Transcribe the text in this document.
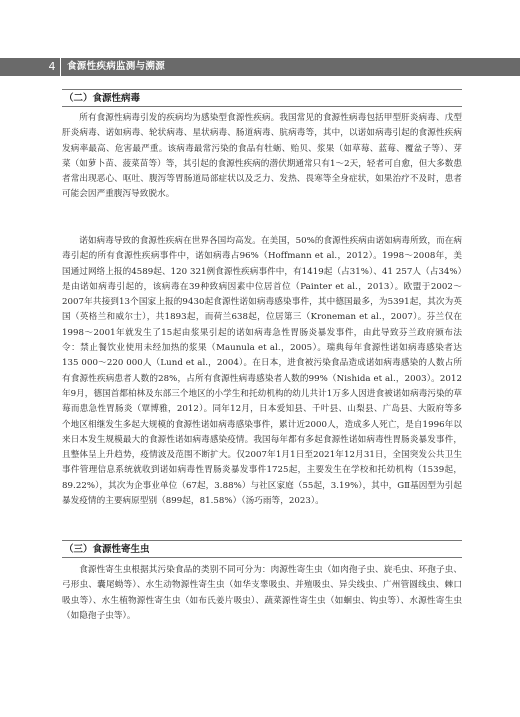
4	食源性疾病监测与溯源
（二）食源性病毒

所有食源性病毒引发的疾病均为感染型食源性疾病。我国常见的食源性病毒包括甲型肝炎病毒、戊型肝炎病毒、诺如病毒、轮状病毒、星状病毒、肠道病毒、肮病毒等，其中，以诺如病毒引起的食源性疾病发病率最高、危害最严重。该病毒最常污染的食品有牡蛎、贻贝、浆果（如草莓、蓝莓、覆盆子等）、芽菜（如萝卜苗、菠菜苗等）等，其引起的食源性疾病的潜伏期通常只有1～2天，轻者可自愈，但大多数患者常出现恶心、呕吐、腹泻等胃肠道局部症状以及乏力、发热、畏寒等全身症状，如果治疗不及时，患者可能会因严重腹泻导致脱水。

诺如病毒导致的食源性疾病在世界各国均高发。在美国，50%的食源性疾病由诺如病毒所致，而在病毒引起的所有食源性疾病事件中，诺如病毒占96%（Hoffmann et al.，2012）。1998～2008年，美国通过网络上报的4589起、120 321例食源性疾病事件中，有1419起（占31%）、41 257人（占34%）是由诺如病毒引起的，该病毒在39种致病因素中位居首位（Painter et al.，2013）。欧盟于2002～2007年共接到13个国家上报的9430起食源性诺如病毒感染事件，其中德国最多，为5391起，其次为英国（英格兰和威尔士），共1893起，而荷兰638起，位居第三（Kroneman et al.，2007）。芬兰仅在1998～2001年就发生了15起由浆果引起的诺如病毒急性胃肠炎暴发事件，由此导致芬兰政府颁布法令：禁止餐饮业使用未经加热的浆果（Maunula et al.，2005）。瑞典每年食源性诺如病毒感染者达135 000～220 000人（Lund et al.，2004）。在日本，进食被污染食品造成诺如病毒感染的人数占所有食源性疾病患者人数的28%，占所有食源性病毒感染者人数的99%（Nishida et al.，2003）。2012年9月，德国首都柏林及东部三个地区的小学生和托幼机构的幼儿共计1万多人因进食被诺如病毒污染的草莓而患急性胃肠炎（覃博雅，2012）。同年12月，日本爱知县、千叶县、山梨县、广岛县、大阪府等多个地区相继发生多起大规模的食源性诺如病毒感染事件，累计近2000人，造成多人死亡，是自1996年以来日本发生规模最大的食源性诺如病毒感染疫情。我国每年都有多起食源性诺如病毒性胃肠炎暴发事件，且整体呈上升趋势，疫情波及范围不断扩大。仅2007年1月1日至2021年12月31日，全国突发公共卫生事件管理信息系统就收到诺如病毒性胃肠炎暴发事件1725起，主要发生在学校和托幼机构（1539起，89.22%），其次为企事业单位（67起，3.88%）与社区家庭（55起，3.19%），其中，GⅡ基因型为引起暴发疫情的主要病原型别（899起，81.58%）（汤巧雨等，2023）。

（三）食源性寄生虫

食源性寄生虫根据其污染食品的类别不同可分为：肉源性寄生虫（如肉孢子虫、旋毛虫、环孢子虫、弓形虫、囊尾蚴等）、水生动物源性寄生虫（如华支睾吸虫、并殖吸虫、异尖线虫、广州管圆线虫、棘口吸虫等）、水生植物源性寄生虫（如布氏姜片吸虫）、蔬菜源性寄生虫（如蛔虫、钩虫等）、水源性寄生虫（如隐孢子虫等）。
